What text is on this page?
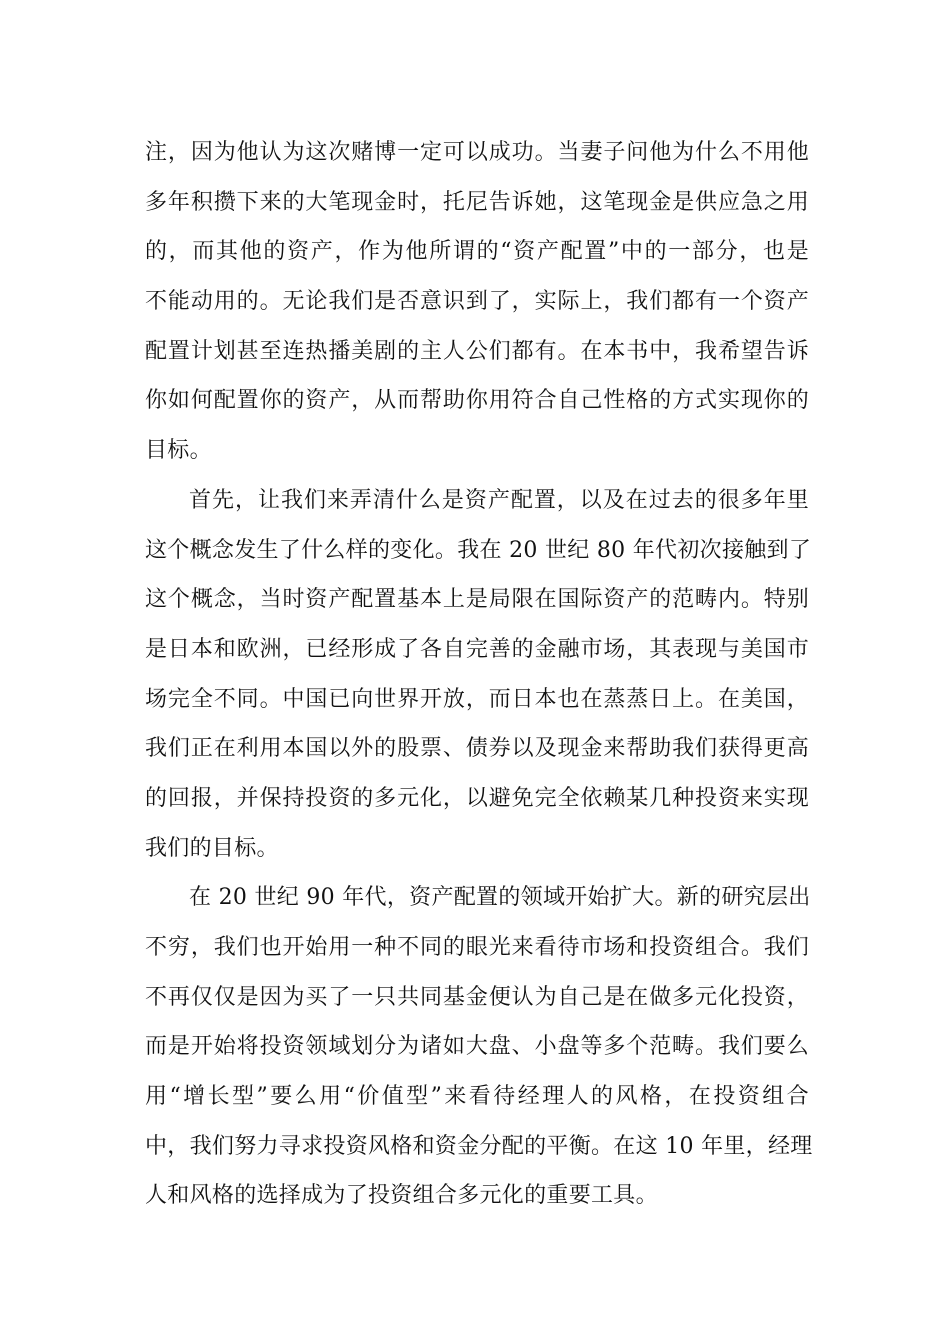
注，因为他认为这次赌博一定可以成功。当妻子问他为什么不用他
多年积攒下来的大笔现金时，托尼告诉她，这笔现金是供应急之用
的，而其他的资产，作为他所谓的“资产配置”中的一部分，也是
不能动用的。无论我们是否意识到了，实际上，我们都有一个资产
配置计划甚至连热播美剧的主人公们都有。在本书中，我希望告诉
你如何配置你的资产，从而帮助你用符合自己性格的方式实现你的
目标。
首先，让我们来弄清什么是资产配置，以及在过去的很多年里
这个概念发生了什么样的变化。我在 20 世纪 80 年代初次接触到了
这个概念，当时资产配置基本上是局限在国际资产的范畴内。特别
是日本和欧洲，已经形成了各自完善的金融市场，其表现与美国市
场完全不同。中国已向世界开放，而日本也在蒸蒸日上。在美国，
我们正在利用本国以外的股票、债券以及现金来帮助我们获得更高
的回报，并保持投资的多元化，以避免完全依赖某几种投资来实现
我们的目标。
在 20 世纪 90 年代，资产配置的领域开始扩大。新的研究层出
不穷，我们也开始用一种不同的眼光来看待市场和投资组合。我们
不再仅仅是因为买了一只共同基金便认为自己是在做多元化投资，
而是开始将投资领域划分为诸如大盘、小盘等多个范畴。我们要么
用“增长型”要么用“价值型”来看待经理人的风格，在投资组合
中，我们努力寻求投资风格和资金分配的平衡。在这 10 年里，经理
人和风格的选择成为了投资组合多元化的重要工具。
